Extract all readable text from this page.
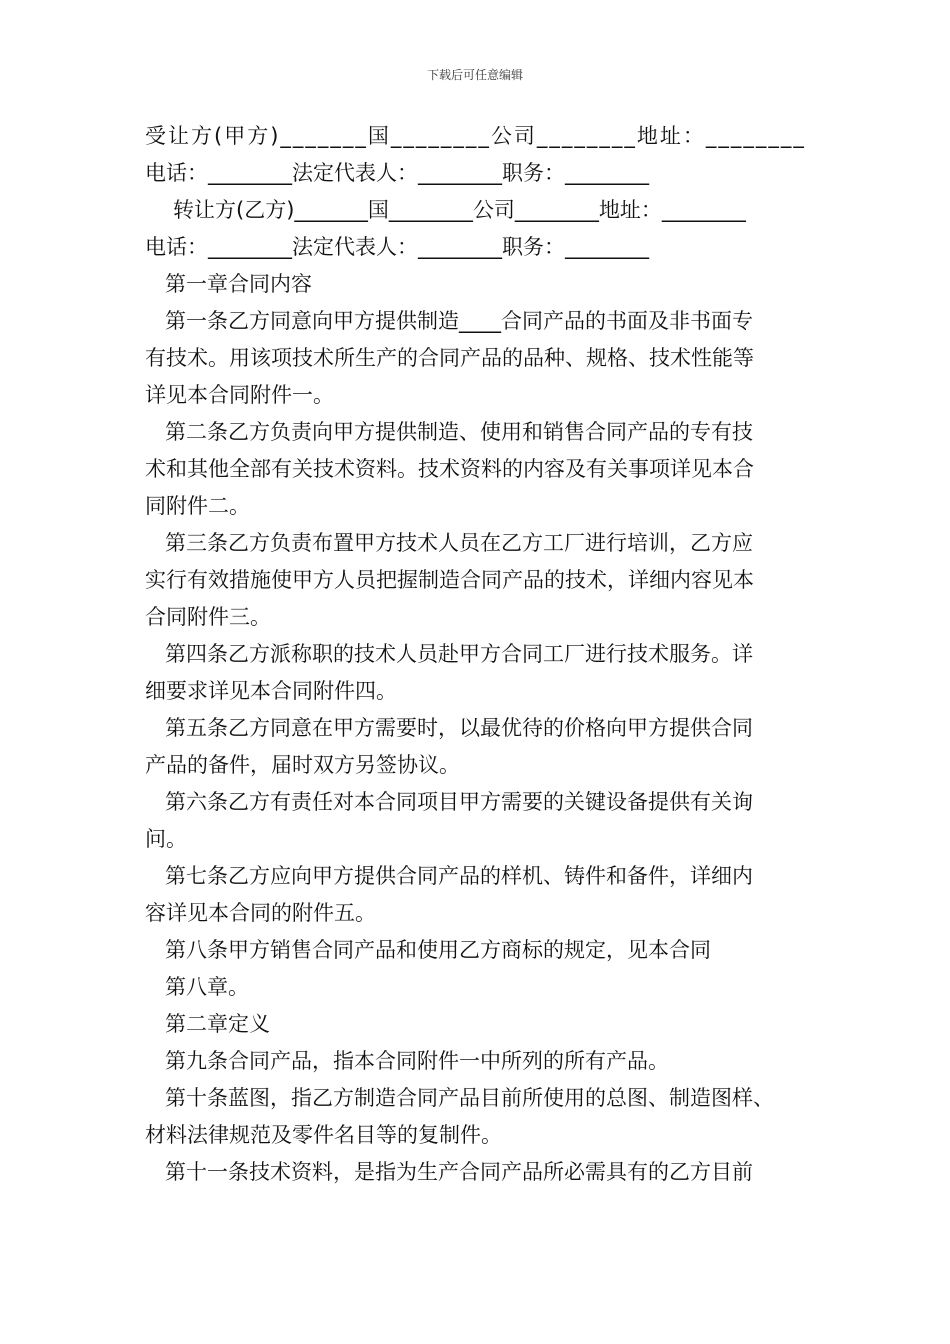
下载后可任意编辑
受让方(甲方)_______国________公司________地址：________
电话：________法定代表人：________职务：________
转让方(乙方)_______国________公司________地址：________
电话：________法定代表人：________职务：________
第一章合同内容
第一条乙方同意向甲方提供制造____合同产品的书面及非书面专
有技术。用该项技术所生产的合同产品的品种、规格、技术性能等
详见本合同附件一。
第二条乙方负责向甲方提供制造、使用和销售合同产品的专有技
术和其他全部有关技术资料。技术资料的内容及有关事项详见本合
同附件二。
第三条乙方负责布置甲方技术人员在乙方工厂进行培训，乙方应
实行有效措施使甲方人员把握制造合同产品的技术，详细内容见本
合同附件三。
第四条乙方派称职的技术人员赴甲方合同工厂进行技术服务。详
细要求详见本合同附件四。
第五条乙方同意在甲方需要时，以最优待的价格向甲方提供合同
产品的备件，届时双方另签协议。
第六条乙方有责任对本合同项目甲方需要的关键设备提供有关询
问。
第七条乙方应向甲方提供合同产品的样机、铸件和备件，详细内
容详见本合同的附件五。
第八条甲方销售合同产品和使用乙方商标的规定，见本合同
第八章。
第二章定义
第九条合同产品，指本合同附件一中所列的所有产品。
第十条蓝图，指乙方制造合同产品目前所使用的总图、制造图样、
材料法律规范及零件名目等的复制件。
第十一条技术资料，是指为生产合同产品所必需具有的乙方目前
